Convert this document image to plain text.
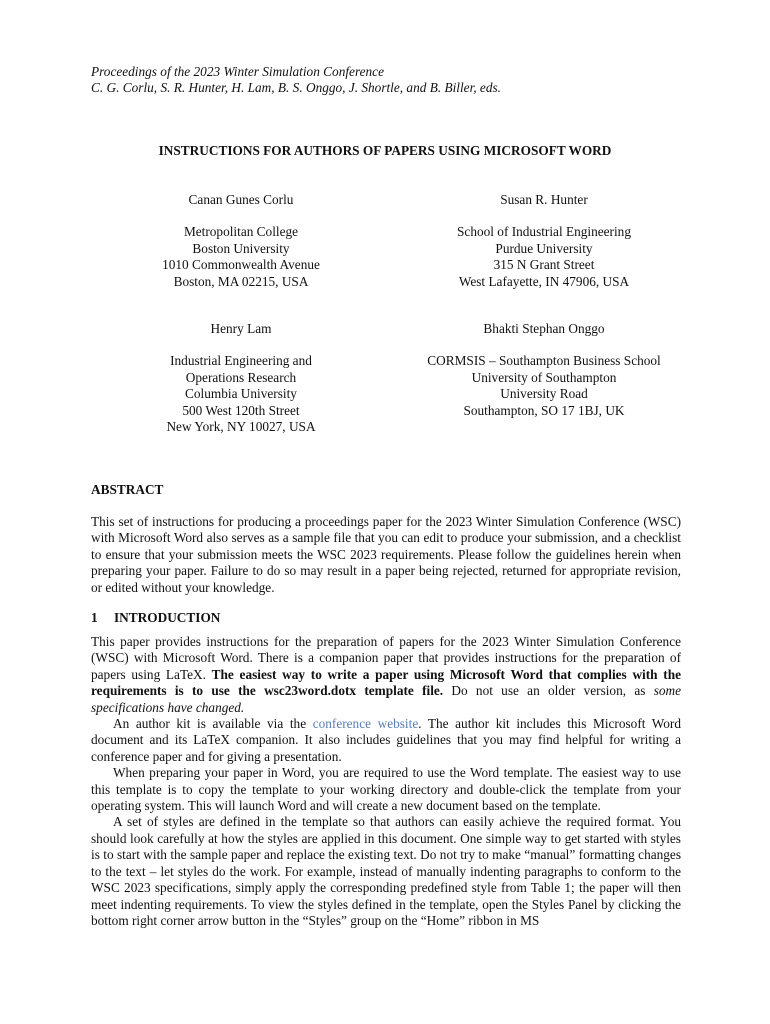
Proceedings of the 2023 Winter Simulation Conference
C. G. Corlu, S. R. Hunter, H. Lam, B. S. Onggo, J. Shortle, and B. Biller, eds.
INSTRUCTIONS FOR AUTHORS OF PAPERS USING MICROSOFT WORD
Canan Gunes Corlu
Metropolitan College
Boston University
1010 Commonwealth Avenue
Boston, MA 02215, USA
Susan R. Hunter
School of Industrial Engineering
Purdue University
315 N Grant Street
West Lafayette, IN 47906, USA
Henry Lam
Industrial Engineering and
Operations Research
Columbia University
500 West 120th Street
New York, NY 10027, USA
Bhakti Stephan Onggo
CORMSIS – Southampton Business School
University of Southampton
University Road
Southampton, SO 17 1BJ, UK
ABSTRACT

This set of instructions for producing a proceedings paper for the 2023 Winter Simulation Conference (WSC) with Microsoft Word also serves as a sample file that you can edit to produce your submission, and a checklist to ensure that your submission meets the WSC 2023 requirements. Please follow the guidelines herein when preparing your paper. Failure to do so may result in a paper being rejected, returned for appropriate revision, or edited without your knowledge.

1 INTRODUCTION

This paper provides instructions for the preparation of papers for the 2023 Winter Simulation Conference (WSC) with Microsoft Word. There is a companion paper that provides instructions for the preparation of papers using LaTeX. The easiest way to write a paper using Microsoft Word that complies with the requirements is to use the wsc23word.dotx template file. Do not use an older version, as some specifications have changed.

An author kit is available via the conference website. The author kit includes this Microsoft Word document and its LaTeX companion. It also includes guidelines that you may find helpful for writing a conference paper and for giving a presentation.

When preparing your paper in Word, you are required to use the Word template. The easiest way to use this template is to copy the template to your working directory and double-click the template from your operating system. This will launch Word and will create a new document based on the template.

A set of styles are defined in the template so that authors can easily achieve the required format. You should look carefully at how the styles are applied in this document. One simple way to get started with styles is to start with the sample paper and replace the existing text. Do not try to make “manual” formatting changes to the text – let styles do the work. For example, instead of manually indenting paragraphs to conform to the WSC 2023 specifications, simply apply the corresponding predefined style from Table 1; the paper will then meet indenting requirements. To view the styles defined in the template, open the Styles Panel by clicking the bottom right corner arrow button in the “Styles” group on the “Home” ribbon in MS
